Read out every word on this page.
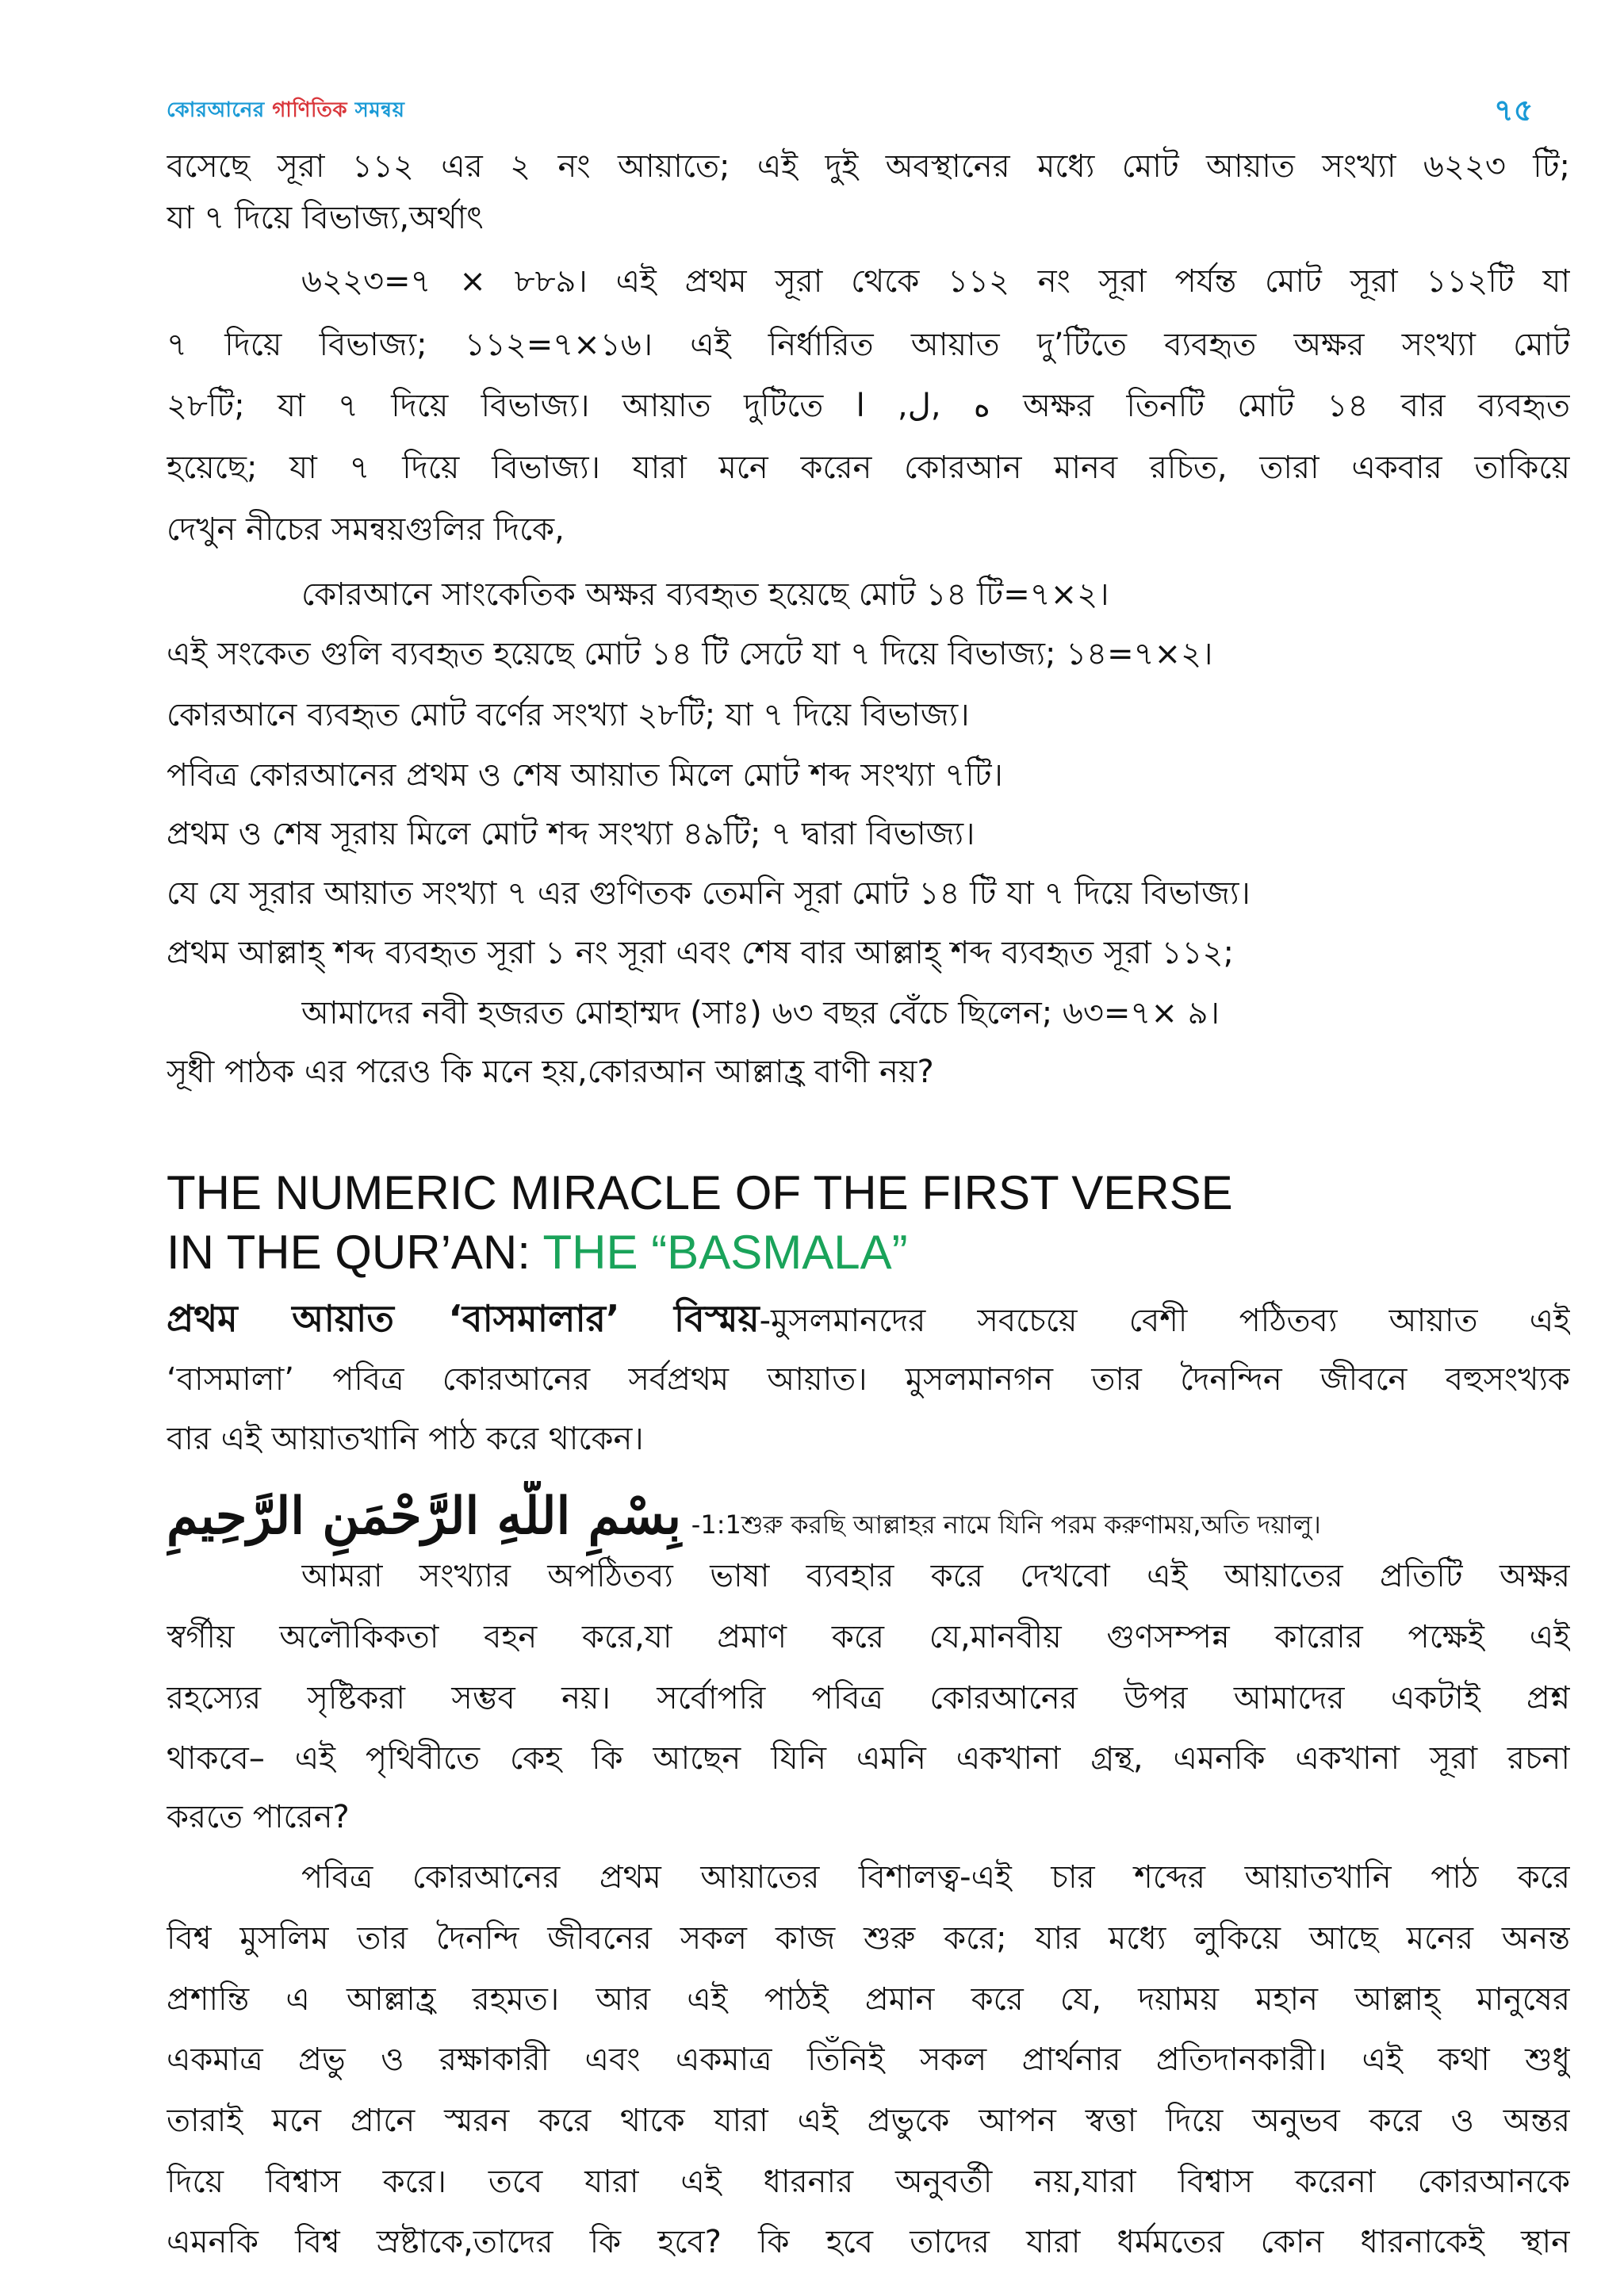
কোরআনের গাণিতিক সমন্বয়	৭৫
বসেছে সূরা ১১২ এর ২ নং আয়াতে; এই দুই অবস্থানের মধ্যে মোট আয়াত সংখ্যা ৬২২৩ টি;
যা ৭ দিয়ে বিভাজ্য,অর্থাৎ
৬২২৩=৭ × ৮৮৯। এই প্রথম সূরা থেকে ১১২ নং সূরা পর্যন্ত মোট সূরা ১১২টি যা
৭ দিয়ে বিভাজ্য; ১১২=৭×১৬। এই নির্ধারিত আয়াত দু’টিতে ব্যবহৃত অক্ষর সংখ্যা মোট
২৮টি; যা ৭ দিয়ে বিভাজ্য। আয়াত দুটিতে ه ,ل, ا অক্ষর তিনটি মোট ১৪ বার ব্যবহৃত
হয়েছে; যা ৭ দিয়ে বিভাজ্য। যারা মনে করেন কোরআন মানব রচিত, তারা একবার তাকিয়ে
দেখুন নীচের সমন্বয়গুলির দিকে,
কোরআনে সাংকেতিক অক্ষর ব্যবহৃত হয়েছে মোট ১৪ টি=৭×২।
এই সংকেত গুলি ব্যবহৃত হয়েছে মোট ১৪ টি সেটে যা ৭ দিয়ে বিভাজ্য; ১৪=৭×২।
কোরআনে ব্যবহৃত মোট বর্ণের সংখ্যা ২৮টি; যা ৭ দিয়ে বিভাজ্য।
পবিত্র কোরআনের প্রথম ও শেষ আয়াত মিলে মোট শব্দ সংখ্যা ৭টি।
প্রথম ও শেষ সূরায় মিলে মোট শব্দ সংখ্যা ৪৯টি; ৭ দ্বারা বিভাজ্য।
যে যে সূরার আয়াত সংখ্যা ৭ এর গুণিতক তেমনি সূরা মোট ১৪ টি যা ৭ দিয়ে বিভাজ্য।
প্রথম আল্লাহ্ শব্দ ব্যবহৃত সূরা ১ নং সূরা এবং শেষ বার আল্লাহ্ শব্দ ব্যবহৃত সূরা ১১২;
আমাদের নবী হজরত মোহাম্মদ (সাঃ) ৬৩ বছর বেঁচে ছিলেন; ৬৩=৭× ৯।
সূধী পাঠক এর পরেও কি মনে হয়,কোরআন আল্লাহ্র বাণী নয়?
THE NUMERIC MIRACLE OF THE FIRST VERSE
IN THE QUR’AN: THE “BASMALA”
প্রথম আয়াত ‘বাসমালার’ বিস্ময়-মুসলমানদের সবচেয়ে বেশী পঠিতব্য আয়াত এই
‘বাসমালা’ পবিত্র কোরআনের সর্বপ্রথম আয়াত। মুসলমানগন তার দৈনন্দিন জীবনে বহুসংখ্যক
বার এই আয়াতখানি পাঠ করে থাকেন।
بِسْمِ اللّهِ الرَّحْمَنِ الرَّحِيمِ -1:1শুরু করছি আল্লাহর নামে যিনি পরম করুণাময়,অতি দয়ালু।
আমরা সংখ্যার অপঠিতব্য ভাষা ব্যবহার করে দেখবো এই আয়াতের প্রতিটি অক্ষর
স্বর্গীয় অলৌকিকতা বহন করে,যা প্রমাণ করে যে,মানবীয় গুণসম্পন্ন কারোর পক্ষেই এই
রহস্যের সৃষ্টিকরা সম্ভব নয়। সর্বোপরি পবিত্র কোরআনের উপর আমাদের একটাই প্রশ্ন
থাকবে– এই পৃথিবীতে কেহ কি আছেন যিনি এমনি একখানা গ্রন্থ, এমনকি একখানা সূরা রচনা
করতে পারেন?
পবিত্র কোরআনের প্রথম আয়াতের বিশালত্ব-এই চার শব্দের আয়াতখানি পাঠ করে
বিশ্ব মুসলিম তার দৈনন্দি জীবনের সকল কাজ শুরু করে; যার মধ্যে লুকিয়ে আছে মনের অনন্ত
প্রশান্তি এ আল্লাহ্র রহমত। আর এই পাঠই প্রমান করে যে, দয়াময় মহান আল্লাহ্ মানুষের
একমাত্র প্রভু ও রক্ষাকারী এবং একমাত্র তিঁনিই সকল প্রার্থনার প্রতিদানকারী। এই কথা শুধু
তারাই মনে প্রানে স্মরন করে থাকে যারা এই প্রভুকে আপন স্বত্তা দিয়ে অনুভব করে ও অন্তর
দিয়ে বিশ্বাস করে। তবে যারা এই ধারনার অনুবর্তী নয়,যারা বিশ্বাস করেনা কোরআনকে
এমনকি বিশ্ব স্রষ্টাকে,তাদের কি হবে? কি হবে তাদের যারা ধর্মমতের কোন ধারনাকেই স্থান
